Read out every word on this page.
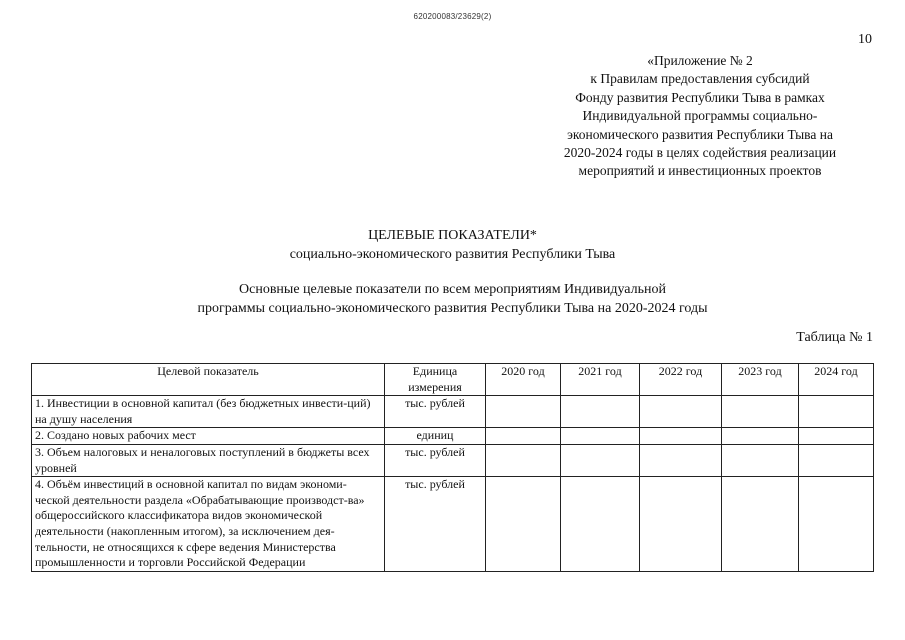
620200083/23629(2)
10
«Приложение № 2
к Правилам предоставления субсидий
Фонду развития Республики Тыва в рамках
Индивидуальной программы социально-
экономического развития Республики Тыва на
2020-2024 годы в целях содействия реализации
мероприятий и инвестиционных проектов
ЦЕЛЕВЫЕ ПОКАЗАТЕЛИ*
социально-экономического развития Республики Тыва
Основные целевые показатели по всем мероприятиям Индивидуальной
программы социально-экономического развития Республики Тыва на 2020-2024 годы
Таблица № 1
Целевой показатель	Единица измерения	2020 год	2021 год	2022 год	2023 год	2024 год
1. Инвестиции в основной капитал (без бюджетных инвести-ций) на душу населения	тыс. рублей					
2. Создано новых рабочих мест	единиц					
3. Объем налоговых и неналоговых поступлений в бюджеты всех уровней	тыс. рублей					
4. Объём инвестиций в основной капитал по видам экономи-ческой деятельности раздела «Обрабатывающие производст-ва» общероссийского классификатора видов экономической деятельности (накопленным итогом), за исключением дея-тельности, не относящихся к сфере ведения Министерства промышленности и торговли Российской Федерации	тыс. рублей					
